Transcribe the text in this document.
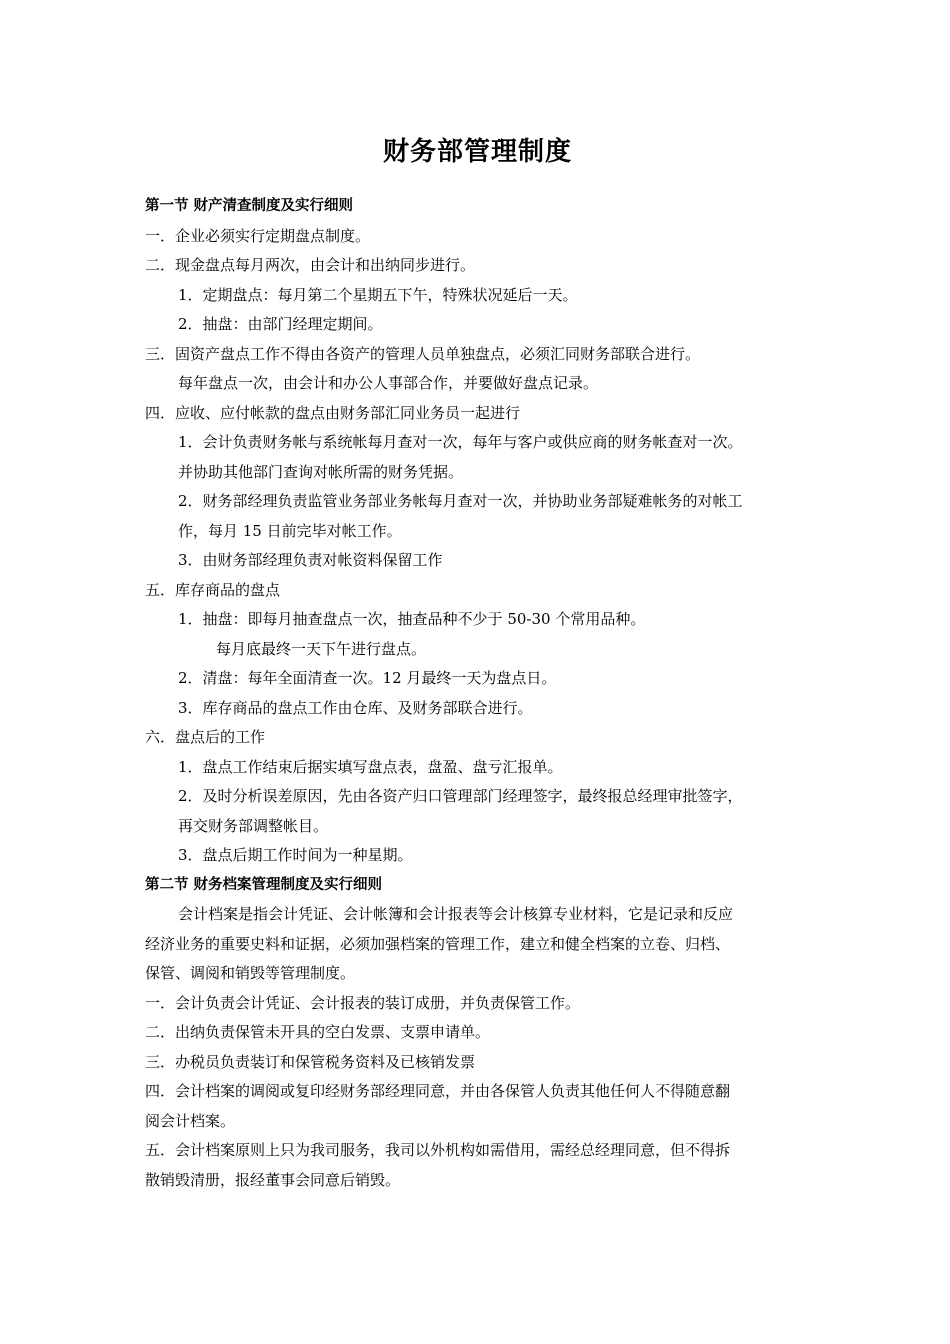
财务部管理制度

第一节 财产清查制度及实行细则

一．企业必须实行定期盘点制度。

二．现金盘点每月两次，由会计和出纳同步进行。

1．定期盘点：每月第二个星期五下午，特殊状况延后一天。

2．抽盘：由部门经理定期间。

三．固资产盘点工作不得由各资产的管理人员单独盘点，必须汇同财务部联合进行。

每年盘点一次，由会计和办公人事部合作，并要做好盘点记录。

四．应收、应付帐款的盘点由财务部汇同业务员一起进行

1．会计负责财务帐与系统帐每月查对一次，每年与客户或供应商的财务帐查对一次。

并协助其他部门查询对帐所需的财务凭据。

2．财务部经理负责监管业务部业务帐每月查对一次，并协助业务部疑难帐务的对帐工

作，每月 15 日前完毕对帐工作。

3．由财务部经理负责对帐资料保留工作

五．库存商品的盘点

1．抽盘：即每月抽查盘点一次，抽查品种不少于 50-30 个常用品种。

每月底最终一天下午进行盘点。

2．清盘：每年全面清查一次。12 月最终一天为盘点日。

3．库存商品的盘点工作由仓库、及财务部联合进行。

六．盘点后的工作

1．盘点工作结束后据实填写盘点表，盘盈、盘亏汇报单。

2．及时分析误差原因，先由各资产归口管理部门经理签字，最终报总经理审批签字，

再交财务部调整帐目。

3．盘点后期工作时间为一种星期。

第二节 财务档案管理制度及实行细则

会计档案是指会计凭证、会计帐簿和会计报表等会计核算专业材料，它是记录和反应

经济业务的重要史料和证据，必须加强档案的管理工作，建立和健全档案的立卷、归档、

保管、调阅和销毁等管理制度。

一．会计负责会计凭证、会计报表的装订成册，并负责保管工作。

二．出纳负责保管未开具的空白发票、支票申请单。

三．办税员负责装订和保管税务资料及已核销发票

四．会计档案的调阅或复印经财务部经理同意，并由各保管人负责其他任何人不得随意翻

阅会计档案。

五．会计档案原则上只为我司服务，我司以外机构如需借用，需经总经理同意，但不得拆

散销毁清册，报经董事会同意后销毁。
